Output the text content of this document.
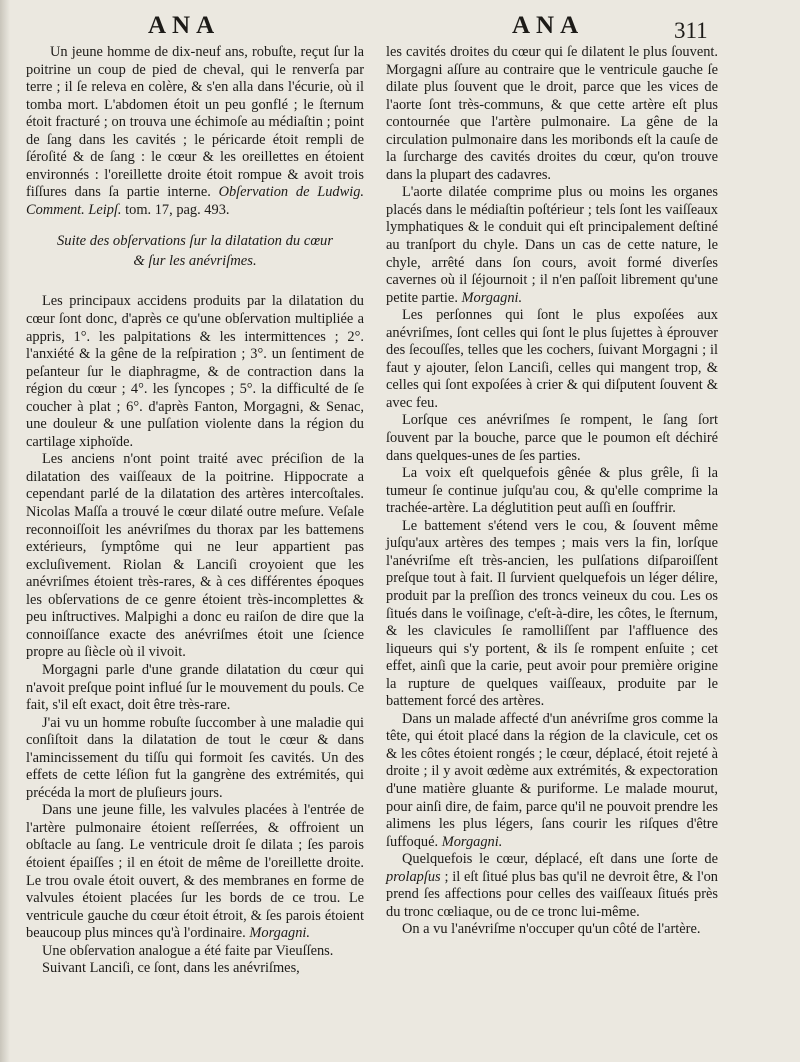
ANA	ANA	311

Un jeune homme de dix-neuf ans, robuſte, reçut ſur la poitrine un coup de pied de cheval, qui le renverſa par terre ; il ſe releva en colère, & s'en alla dans l'écurie, où il tomba mort. L'abdomen étoit un peu gonflé ; le ſternum étoit fracturé ; on trouva une échimoſe au médiaſtin ; point de ſang dans les cavités ; le péricarde étoit rempli de ſéroſité & de ſang : le cœur & les oreillettes en étoient environnés : l'oreillette droite étoit rompue & avoit trois fiſſures dans ſa partie interne. Obſervation de Ludwig. Comment. Leipſ. tom. 17, pag. 493.

Suite des obſervations ſur la dilatation du cœur
& ſur les anévriſmes.

Les principaux accidens produits par la dilatation du cœur ſont donc, d'après ce qu'une obſervation multipliée a appris, 1°. les palpitations & les intermittences ; 2°. l'anxiété & la gêne de la reſpiration ; 3°. un ſentiment de peſanteur ſur le diaphragme, & de contraction dans la région du cœur ; 4°. les ſyncopes ; 5°. la difficulté de ſe coucher à plat ; 6°. d'après Fanton, Morgagni, & Senac, une douleur & une pulſation violente dans la région du cartilage xiphoïde.

Les anciens n'ont point traité avec préciſion de la dilatation des vaiſſeaux de la poitrine. Hippocrate a cependant parlé de la dilatation des artères intercoſtales. Nicolas Maſſa a trouvé le cœur dilaté outre meſure. Veſale reconnoiſſoit les anévriſmes du thorax par les battemens extérieurs, ſymptôme qui ne leur appartient pas excluſivement. Riolan & Lanciſi croyoient que les anévriſmes étoient très-rares, & à ces différentes époques les obſervations de ce genre étoient très-incomplettes & peu inſtructives. Malpighi a donc eu raiſon de dire que la connoiſſance exacte des anévriſmes étoit une ſcience propre au ſiècle où il vivoit.

Morgagni parle d'une grande dilatation du cœur qui n'avoit preſque point influé ſur le mouvement du pouls. Ce fait, s'il eſt exact, doit être très-rare.

J'ai vu un homme robuſte ſuccomber à une maladie qui conſiſtoit dans la dilatation de tout le cœur & dans l'amincissement du tiſſu qui formoit ſes cavités. Un des effets de cette léſion fut la gangrène des extrémités, qui précéda la mort de pluſieurs jours.

Dans une jeune fille, les valvules placées à l'entrée de l'artère pulmonaire étoient reſſerrées, & offroient un obſtacle au ſang. Le ventricule droit ſe dilata ; ſes parois étoient épaiſſes ; il en étoit de même de l'oreillette droite. Le trou ovale étoit ouvert, & des membranes en forme de valvules étoient placées ſur les bords de ce trou. Le ventricule gauche du cœur étoit étroit, & ſes parois étoient beaucoup plus minces qu'à l'ordinaire. Morgagni.

Une obſervation analogue a été faite par Vieuſſens.

Suivant Lanciſi, ce ſont, dans les anévriſmes,

les cavités droites du cœur qui ſe dilatent le plus ſouvent. Morgagni aſſure au contraire que le ventricule gauche ſe dilate plus ſouvent que le droit, parce que les vices de l'aorte ſont très-communs, & que cette artère eſt plus contournée que l'artère pulmonaire. La gêne de la circulation pulmonaire dans les moribonds eſt la cauſe de la ſurcharge des cavités droites du cœur, qu'on trouve dans la plupart des cadavres.

L'aorte dilatée comprime plus ou moins les organes placés dans le médiaſtin poſtérieur ; tels ſont les vaiſſeaux lymphatiques & le conduit qui eſt principalement deſtiné au tranſport du chyle. Dans un cas de cette nature, le chyle, arrêté dans ſon cours, avoit formé diverſes cavernes où il ſéjournoit ; il n'en paſſoit librement qu'une petite partie. Morgagni.

Les perſonnes qui ſont le plus expoſées aux anévriſmes, ſont celles qui ſont le plus ſujettes à éprouver des ſecouſſes, telles que les cochers, ſuivant Morgagni ; il faut y ajouter, ſelon Lanciſi, celles qui mangent trop, & celles qui ſont expoſées à crier & qui diſputent ſouvent & avec feu.

Lorſque ces anévriſmes ſe rompent, le ſang ſort ſouvent par la bouche, parce que le poumon eſt déchiré dans quelques-unes de ſes parties.

La voix eſt quelquefois gênée & plus grêle, ſi la tumeur ſe continue juſqu'au cou, & qu'elle comprime la trachée-artère. La déglutition peut auſſi en ſouffrir.

Le battement s'étend vers le cou, & ſouvent même juſqu'aux artères des tempes ; mais vers la fin, lorſque l'anévriſme eſt très-ancien, les pulſations diſparoiſſent preſque tout à fait. Il ſurvient quelquefois un léger délire, produit par la preſſion des troncs veineux du cou. Les os ſitués dans le voiſinage, c'eſt-à-dire, les côtes, le ſternum, & les clavicules ſe ramolliſſent par l'affluence des liqueurs qui s'y portent, & ils ſe rompent enſuite ; cet effet, ainſi que la carie, peut avoir pour première origine la rupture de quelques vaiſſeaux, produite par le battement forcé des artères.

Dans un malade affecté d'un anévriſme gros comme la tête, qui étoit placé dans la région de la clavicule, cet os & les côtes étoient rongés ; le cœur, déplacé, étoit rejeté à droite ; il y avoit œdème aux extrémités, & expectoration d'une matière gluante & puriforme. Le malade mourut, pour ainſi dire, de faim, parce qu'il ne pouvoit prendre les alimens les plus légers, ſans courir les riſques d'être ſuffoqué. Morgagni.

Quelquefois le cœur, déplacé, eſt dans une ſorte de prolapſus ; il eſt ſitué plus bas qu'il ne devroit être, & l'on prend ſes affections pour celles des vaiſſeaux ſitués près du tronc cœliaque, ou de ce tronc lui-même.

On a vu l'anévriſme n'occuper qu'un côté de l'artère.
